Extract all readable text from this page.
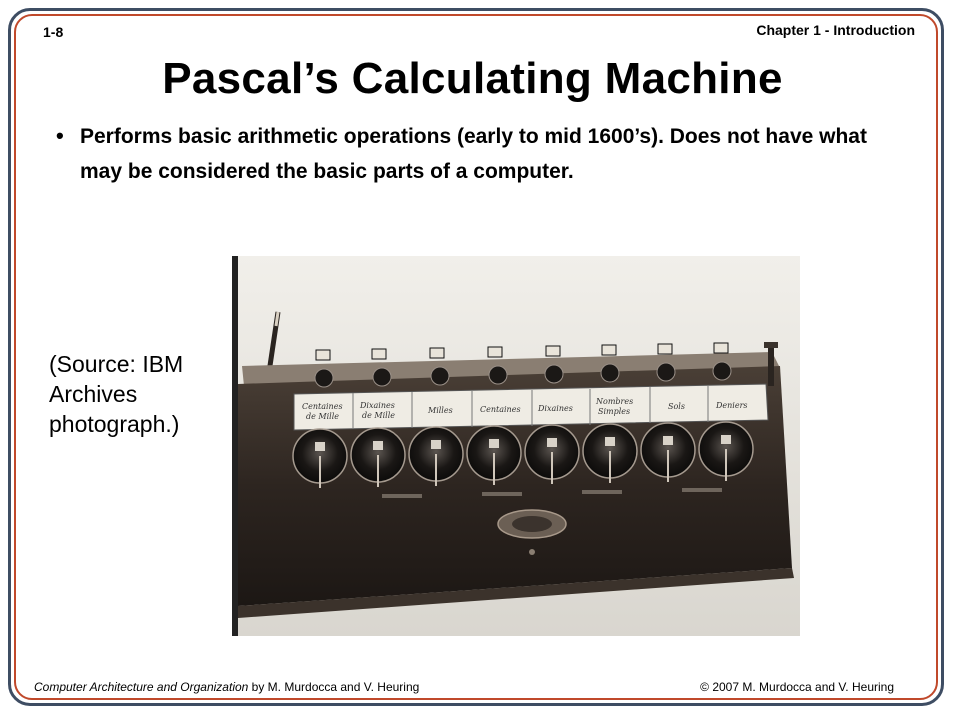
1-8	Chapter 1 - Introduction
Pascal’s Calculating Machine
• Performs basic arithmetic operations (early to mid 1600’s). Does not have what may be considered the basic parts of a computer.
(Source: IBM Archives photograph.)
Centaines
de Mille
Dixaines
de Mille
Milles	Centaines Dixaines
Nombres
Simples
Sols	Deniers
Computer Architecture and Organization by M. Murdocca and V. Heuring	© 2007 M. Murdocca and V. Heuring
